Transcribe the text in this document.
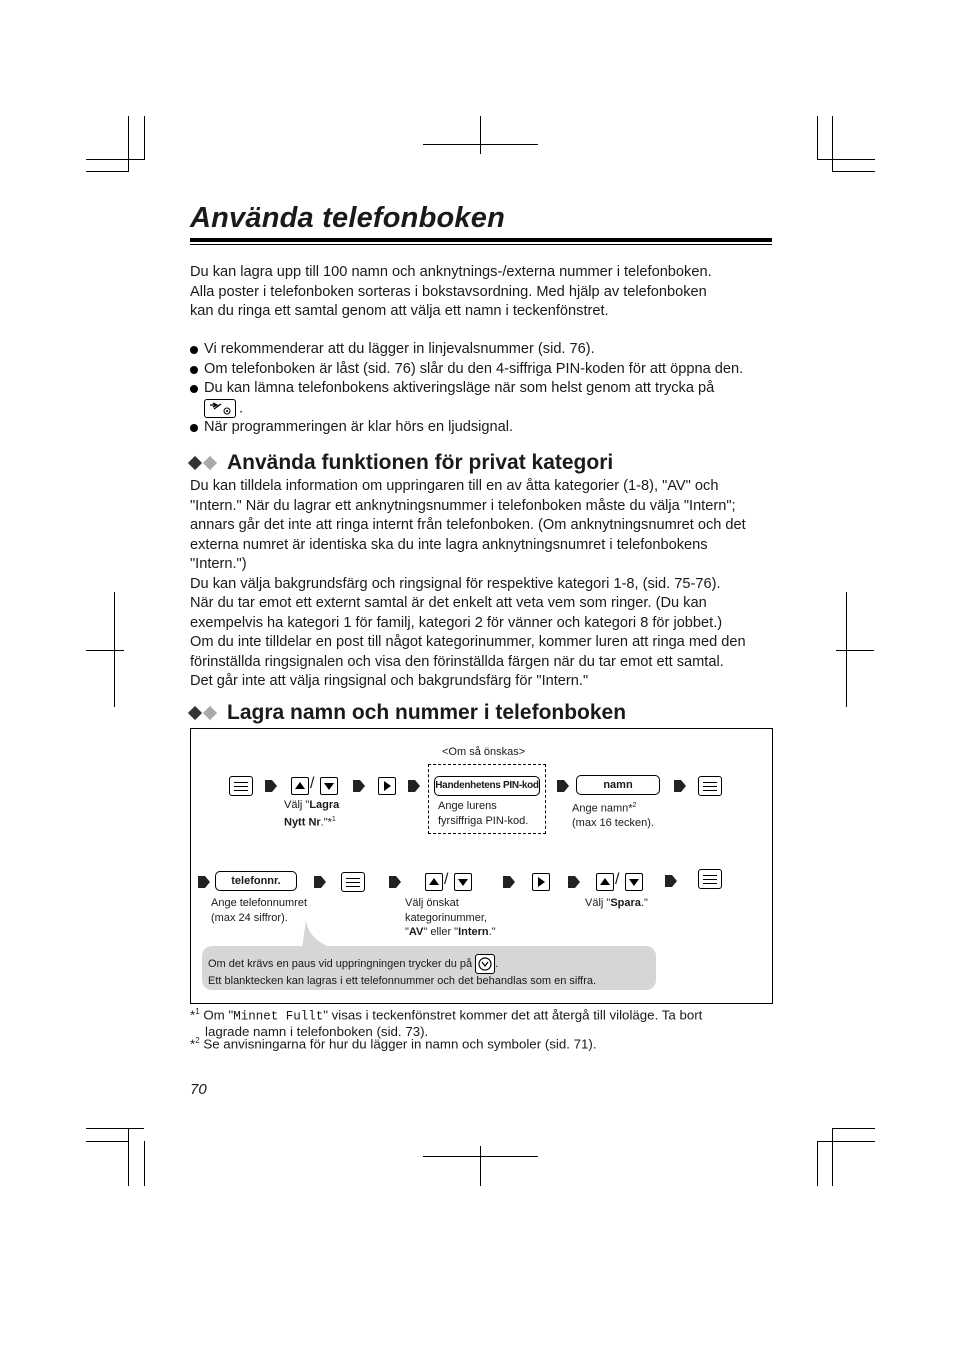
Använda telefonboken

Du kan lagra upp till 100 namn och anknytnings-/externa nummer i telefonboken.

Alla poster i telefonboken sorteras i bokstavsordning. Med hjälp av telefonboken

kan du ringa ett samtal genom att välja ett namn i teckenfönstret.

Vi rekommenderar att du lägger in linjevalsnummer (sid. 76).
Om telefonboken är låst (sid. 76) slår du den 4-siffriga PIN-koden för att öppna den.
Du kan lämna telefonbokens aktiveringsläge när som helst genom att trycka på
.
När programmeringen är klar hörs en ljudsignal.
Använda funktionen för privat kategori

Du kan tilldela information om uppringaren till en av åtta kategorier (1-8), "AV" och

"Intern." När du lagrar ett anknytningsnummer i telefonboken måste du välja "Intern";

annars går det inte att ringa internt från telefonboken. (Om anknytningsnumret och det

externa numret är identiska ska du inte lagra anknytningsnumret i telefonbokens

"Intern.")

Du kan välja bakgrundsfärg och ringsignal för respektive kategori 1-8, (sid. 75-76).

När du tar emot ett externt samtal är det enkelt att veta vem som ringer. (Du kan

exempelvis ha kategori 1 för familj, kategori 2 för vänner och kategori 8 för jobbet.)

Om du inte tilldelar en post till något kategorinummer, kommer luren att ringa med den

förinställda ringsignalen och visa den förinställda färgen när du tar emot ett samtal.

Det går inte att välja ringsignal och bakgrundsfärg för "Intern."

Lagra namn och nummer i telefonboken
<Om så önskas>
/	Handenhetens PIN-kod	namn
Välj "Lagra
Nytt Nr."*$^1$
Ange lurens
fyrsiffriga PIN-kod.
Ange namn*$^2$
(max 16 tecken).
telefonnr.	/	/
Ange telefonnumret
(max 24 siffror).
Välj önskat
kategorinummer,
"AV" eller "Intern."
Välj "Spara."
Om det krävs en paus vid uppringningen trycker du på .
Ett blanktecken kan lagras i ett telefonnummer och det behandlas som en siffra.
*$^1$ Om "Minnet Fullt" visas i teckenfönstret kommer det att återgå till viloläge. Ta bort
lagrade namn i telefonboken (sid. 73).
*$^2$ Se anvisningarna för hur du lägger in namn och symboler (sid. 71).
70
